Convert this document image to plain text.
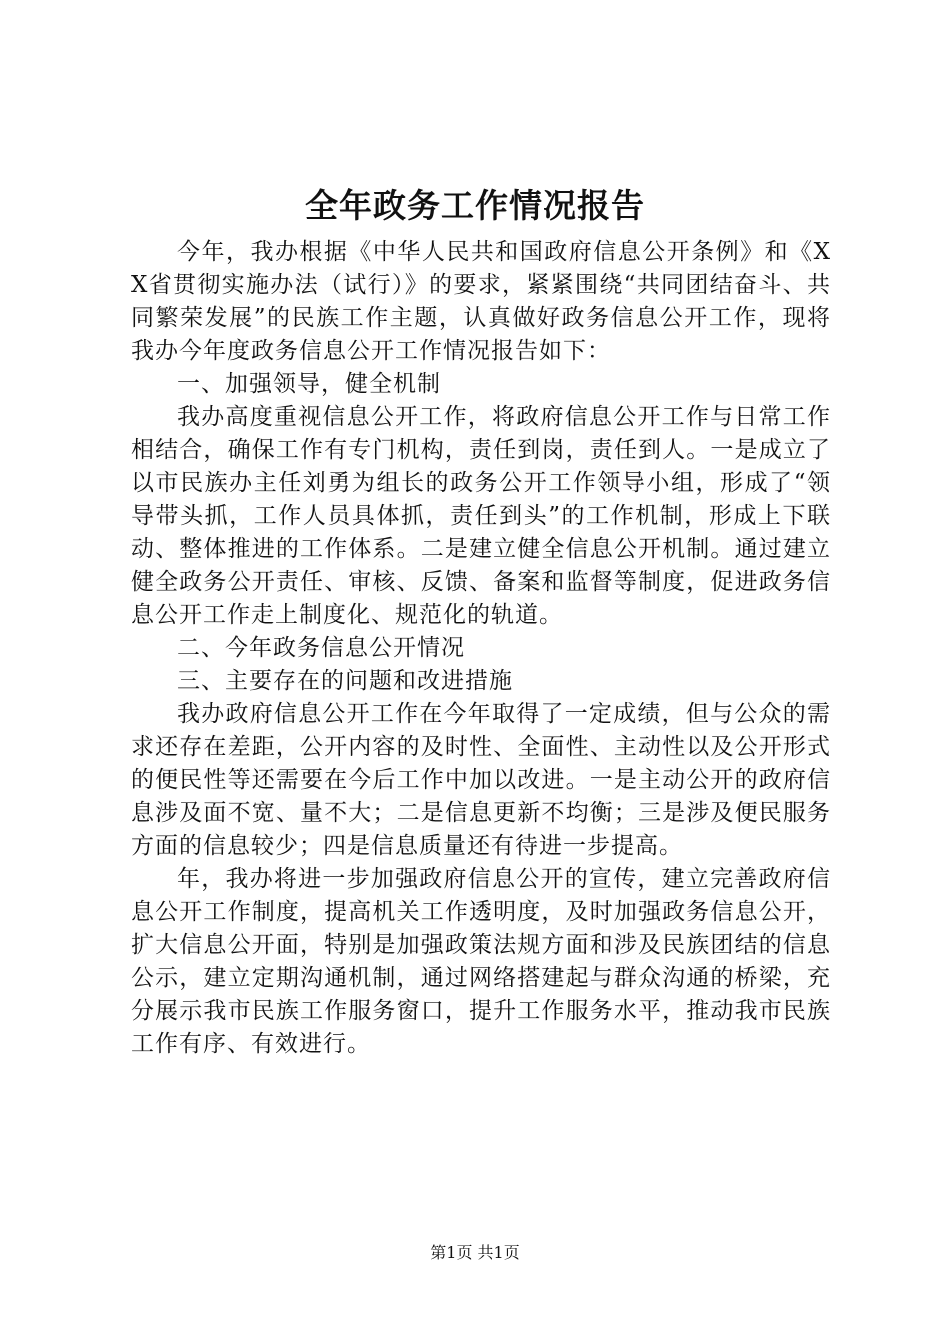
全年政务工作情况报告

今年，我办根据《中华人民共和国政府信息公开条例》和《XX省贯彻实施办法（试行）》的要求，紧紧围绕“共同团结奋斗、共同繁荣发展”的民族工作主题，认真做好政务信息公开工作，现将我办今年度政务信息公开工作情况报告如下：

一、加强领导，健全机制

我办高度重视信息公开工作，将政府信息公开工作与日常工作相结合，确保工作有专门机构，责任到岗，责任到人。一是成立了以市民族办主任刘勇为组长的政务公开工作领导小组，形成了“领导带头抓，工作人员具体抓，责任到头”的工作机制，形成上下联动、整体推进的工作体系。二是建立健全信息公开机制。通过建立健全政务公开责任、审核、反馈、备案和监督等制度，促进政务信息公开工作走上制度化、规范化的轨道。

二、今年政务信息公开情况

三、主要存在的问题和改进措施

我办政府信息公开工作在今年取得了一定成绩，但与公众的需求还存在差距，公开内容的及时性、全面性、主动性以及公开形式的便民性等还需要在今后工作中加以改进。一是主动公开的政府信息涉及面不宽、量不大；二是信息更新不均衡；三是涉及便民服务方面的信息较少；四是信息质量还有待进一步提高。

年，我办将进一步加强政府信息公开的宣传，建立完善政府信息公开工作制度，提高机关工作透明度，及时加强政务信息公开，扩大信息公开面，特别是加强政策法规方面和涉及民族团结的信息公示，建立定期沟通机制，通过网络搭建起与群众沟通的桥梁，充分展示我市民族工作服务窗口，提升工作服务水平，推动我市民族工作有序、有效进行。

第1页 共1页
